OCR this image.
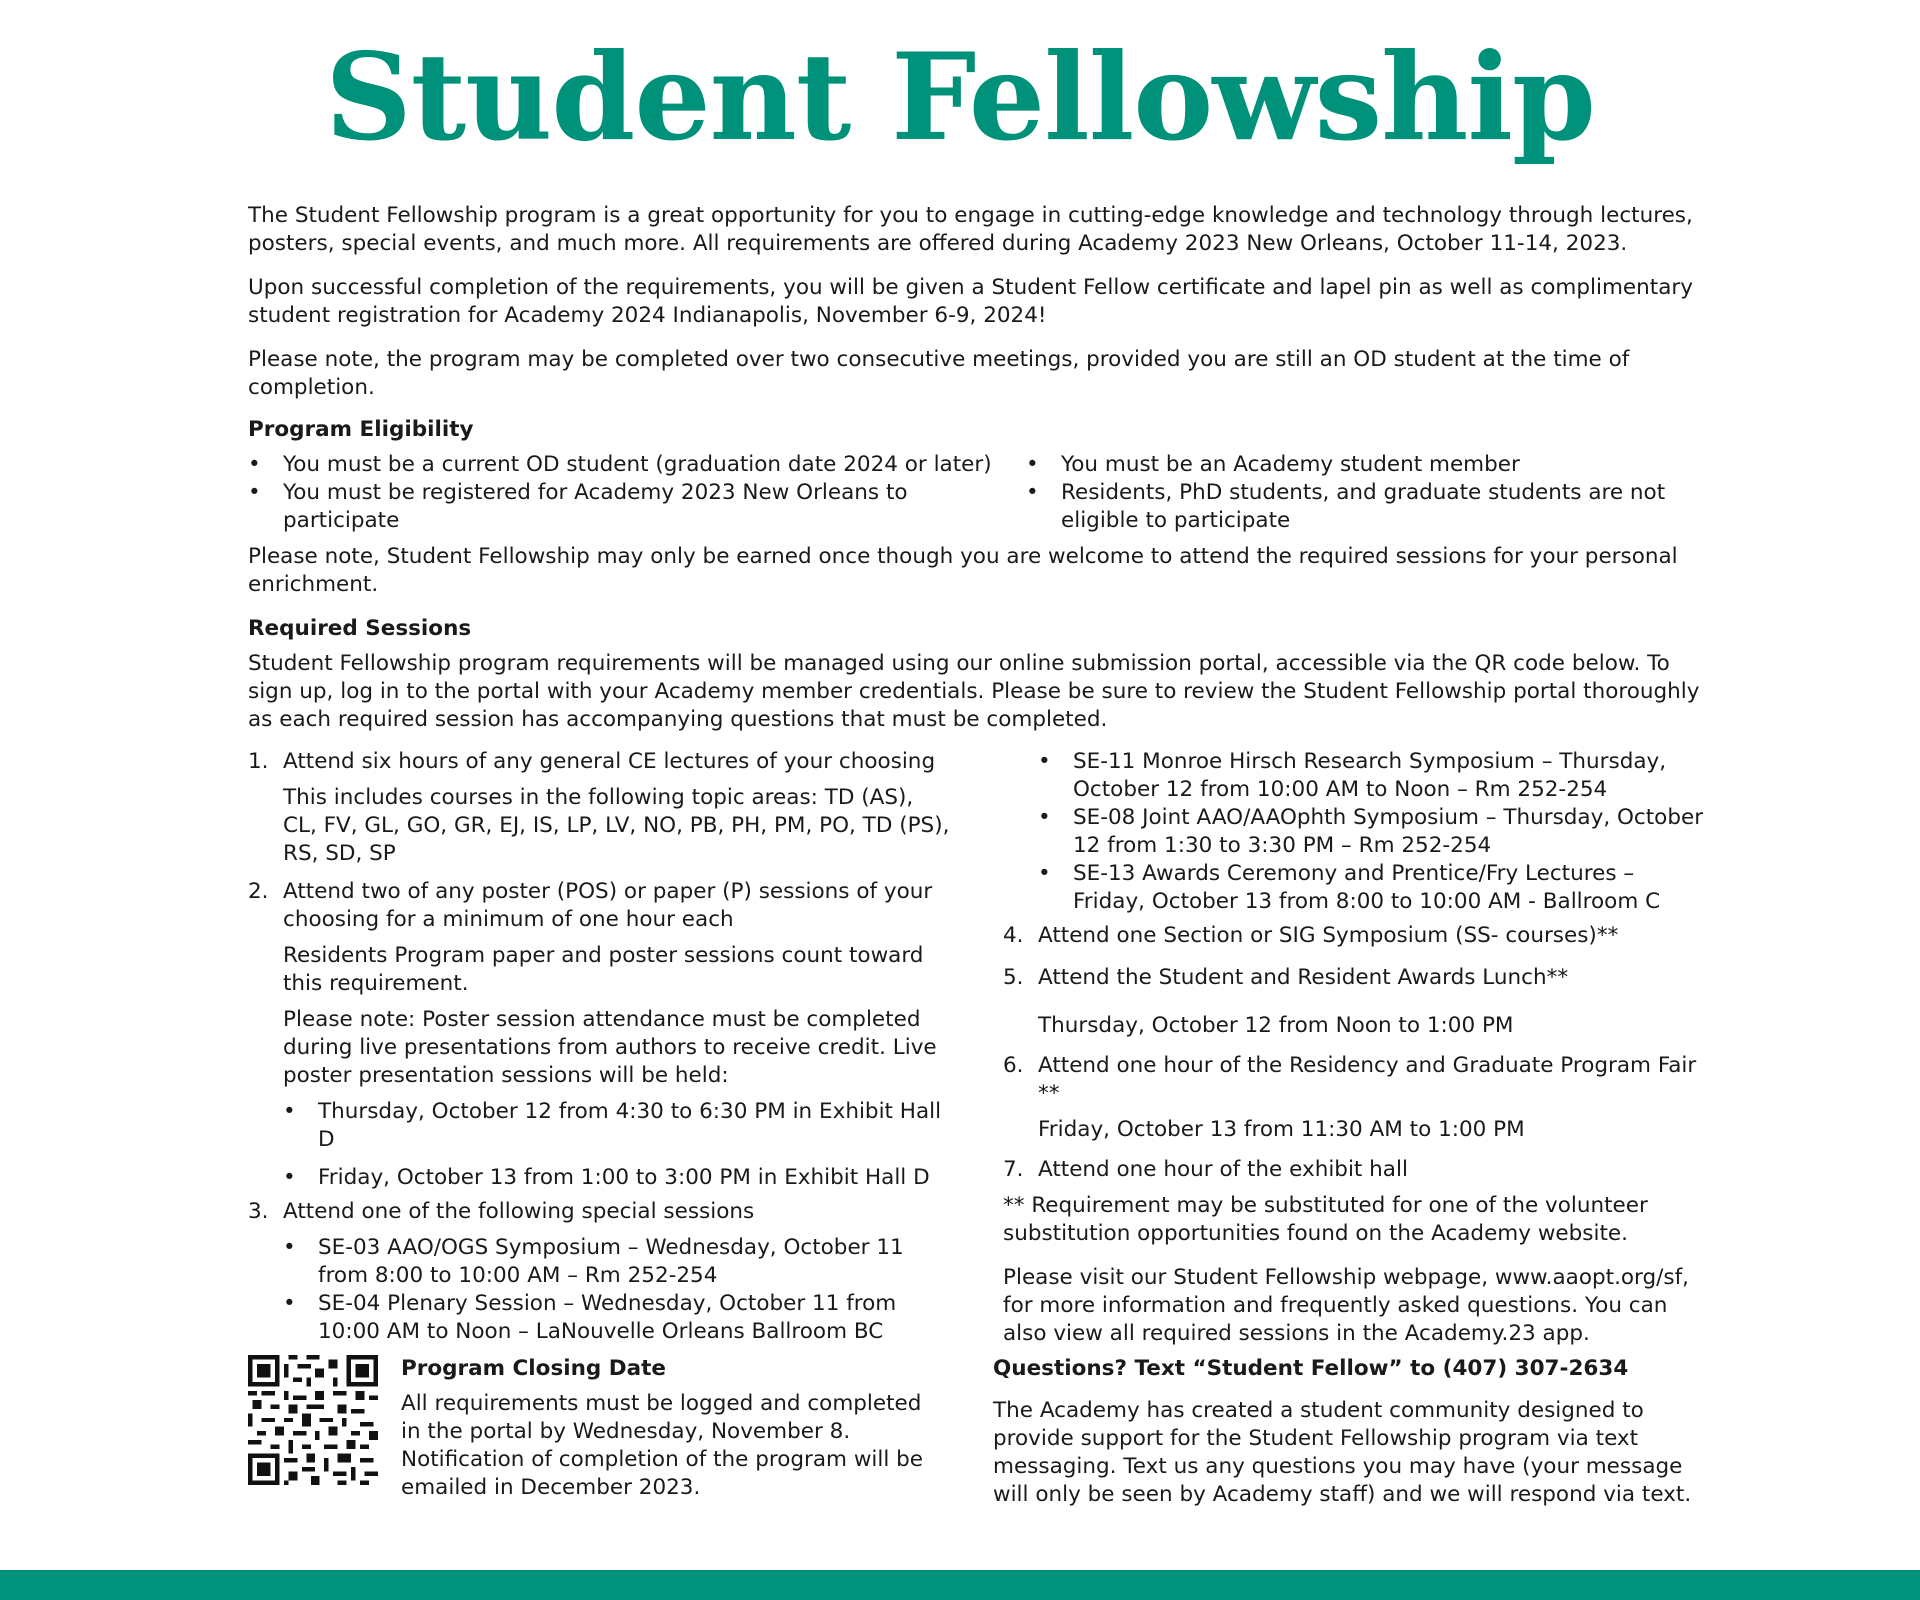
Student Fellowship

The Student Fellowship program is a great opportunity for you to engage in cutting-edge knowledge and technology through lectures, posters, special events, and much more. All requirements are offered during Academy 2023 New Orleans, October 11-14, 2023.

Upon successful completion of the requirements, you will be given a Student Fellow certificate and lapel pin as well as complimentary student registration for Academy 2024 Indianapolis, November 6-9, 2024!

Please note, the program may be completed over two consecutive meetings, provided you are still an OD student at the time of completion.

Program Eligibility
• You must be a current OD student (graduation date 2024 or later)
• You must be registered for Academy 2023 New Orleans to participate
• You must be an Academy student member
• Residents, PhD students, and graduate students are not eligible to participate

Please note, Student Fellowship may only be earned once though you are welcome to attend the required sessions for your personal enrichment.

Required Sessions

Student Fellowship program requirements will be managed using our online submission portal, accessible via the QR code below. To sign up, log in to the portal with your Academy member credentials. Please be sure to review the Student Fellowship portal thoroughly as each required session has accompanying questions that must be completed.

1. Attend six hours of any general CE lectures of your choosing

This includes courses in the following topic areas: TD (AS), CL, FV, GL, GO, GR, EJ, IS, LP, LV, NO, PB, PH, PM, PO, TD (PS), RS, SD, SP

2. Attend two of any poster (POS) or paper (P) sessions of your choosing for a minimum of one hour each

Residents Program paper and poster sessions count toward this requirement.

Please note: Poster session attendance must be completed during live presentations from authors to receive credit. Live poster presentation sessions will be held:

• Thursday, October 12 from 4:30 to 6:30 PM in Exhibit Hall D
• Friday, October 13 from 1:00 to 3:00 PM in Exhibit Hall D
3. Attend one of the following special sessions

• SE-03 AAO/OGS Symposium – Wednesday, October 11 from 8:00 to 10:00 AM – Rm 252-254
• SE-04 Plenary Session – Wednesday, October 11 from 10:00 AM to Noon – LaNouvelle Orleans Ballroom BC
• SE-11 Monroe Hirsch Research Symposium – Thursday, October 12 from 10:00 AM to Noon – Rm 252-254
• SE-08 Joint AAO/AAOphth Symposium – Thursday, October 12 from 1:30 to 3:30 PM – Rm 252-254
• SE-13 Awards Ceremony and Prentice/Fry Lectures – Friday, October 13 from 8:00 to 10:00 AM - Ballroom C
4. Attend one Section or SIG Symposium (SS- courses)**

5. Attend the Student and Resident Awards Lunch**

Thursday, October 12 from Noon to 1:00 PM

6. Attend one hour of the Residency and Graduate Program Fair **

Friday, October 13 from 11:30 AM to 1:00 PM

7. Attend one hour of the exhibit hall

** Requirement may be substituted for one of the volunteer substitution opportunities found on the Academy website.

Please visit our Student Fellowship webpage, www.aaopt.org/sf, for more information and frequently asked questions. You can also view all required sessions in the Academy.23 app.

Program Closing Date

All requirements must be logged and completed in the portal by Wednesday, November 8. Notification of completion of the program will be emailed in December 2023.

Questions? Text “Student Fellow” to (407) 307-2634

The Academy has created a student community designed to provide support for the Student Fellowship program via text messaging. Text us any questions you may have (your message will only be seen by Academy staff) and we will respond via text.
